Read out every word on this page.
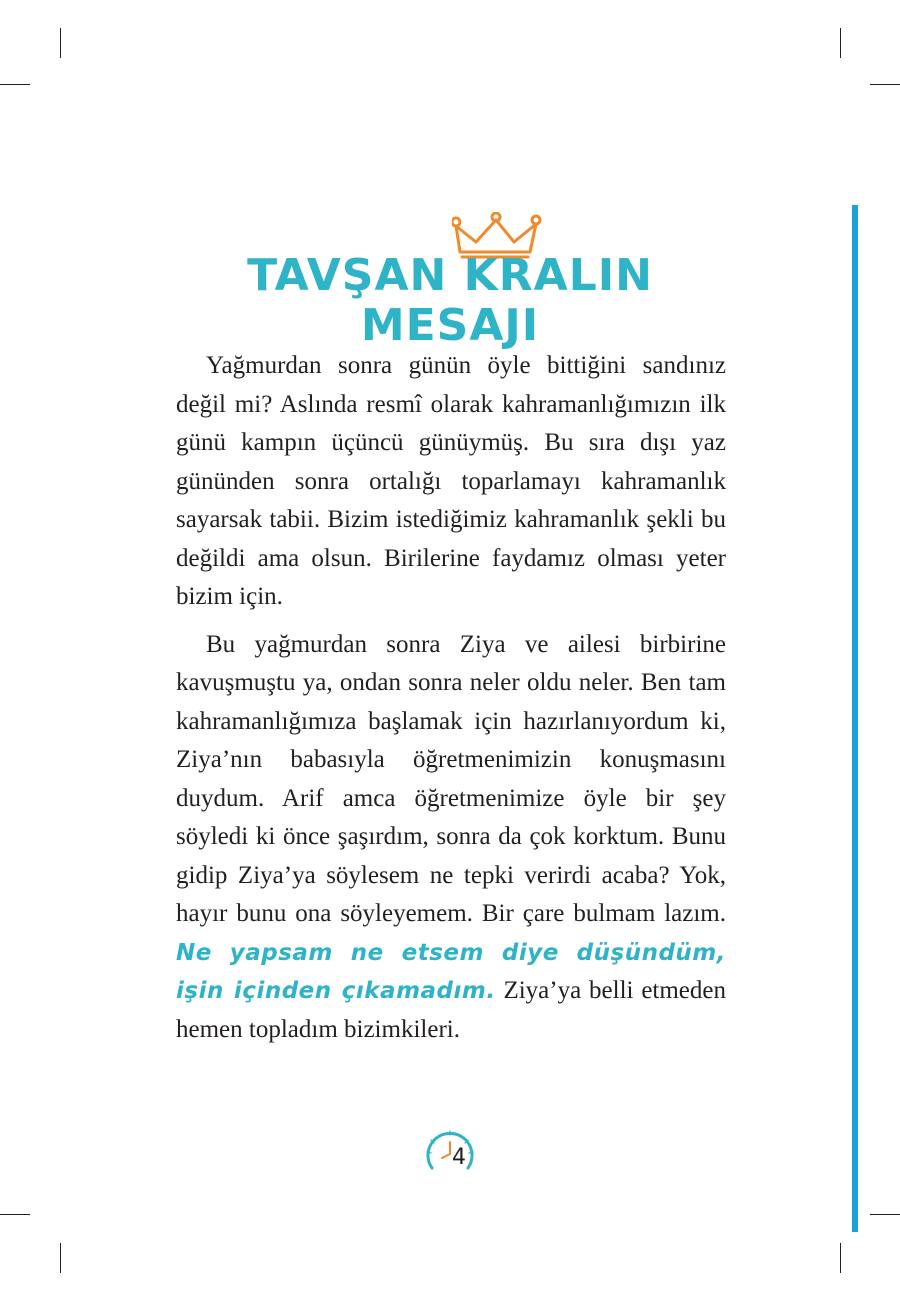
TAVŞAN KRALIN
MESAJI

Yağmurdan sonra günün öyle bittiğini sandınız değil mi? Aslında resmî olarak kahramanlığımızın ilk günü kampın üçüncü günüymüş. Bu sıra dışı yaz gününden sonra ortalığı toparlamayı kahramanlık sayarsak tabii. Bizim istediğimiz kahramanlık şekli bu değildi ama olsun. Birilerine faydamız olması yeter bizim için.

Bu yağmurdan sonra Ziya ve ailesi birbirine kavuşmuştu ya, ondan sonra neler oldu neler. Ben tam kahramanlığımıza başlamak için hazırlanıyordum ki, Ziya’nın babasıyla öğretmenimizin konuşmasını duydum. Arif amca öğretmenimize öyle bir şey söyledi ki önce şaşırdım, sonra da çok korktum. Bunu gidip Ziya’ya söylesem ne tepki verirdi acaba? Yok, hayır bunu ona söyleyemem. Bir çare bulmam lazım. Ne yapsam ne etsem diye düşündüm, işin içinden çıkamadım. Ziya’ya belli etmeden hemen topladım bizimkileri.

4
